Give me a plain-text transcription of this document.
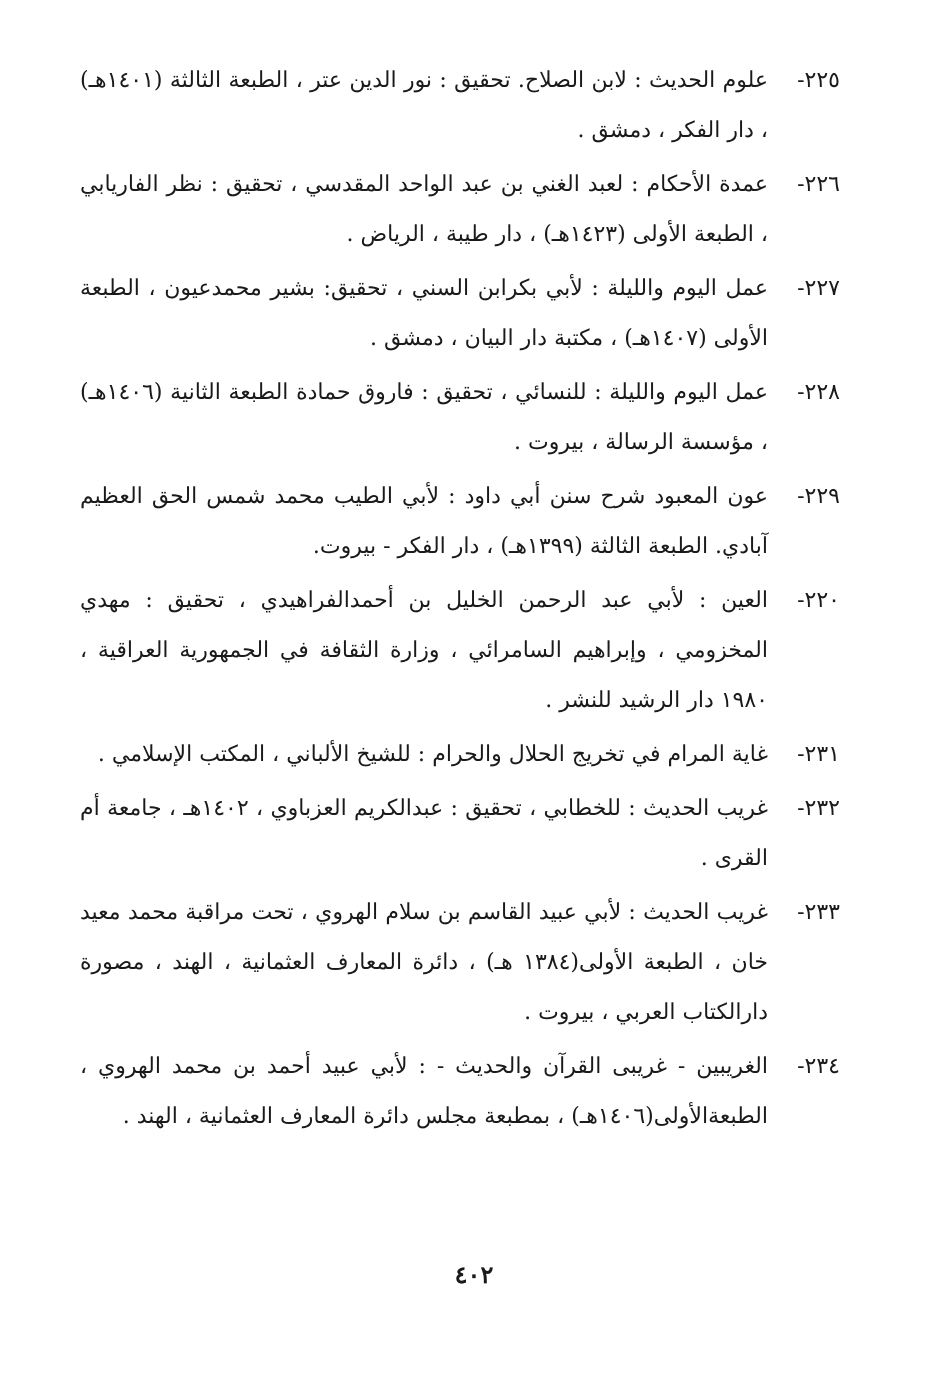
٢٢٥-
علوم الحديث : لابن الصلاح. تحقيق : نور الدين عتر ، الطبعة الثالثة (١٤٠١هـ) ، دار الفكر ، دمشق .
٢٢٦-
عمدة الأحكام : لعبد الغني بن عبد الواحد المقدسي ، تحقيق : نظر الفاريابي ، الطبعة الأولى (١٤٢٣هـ) ، دار طيبة ، الرياض .
٢٢٧-
عمل اليوم والليلة : لأبي بكرابن السني ، تحقيق: بشير محمدعيون ، الطبعة الأولى (١٤٠٧هـ) ، مكتبة دار البيان ، دمشق .
٢٢٨-
عمل اليوم والليلة : للنسائي ، تحقيق : فاروق حمادة الطبعة الثانية (١٤٠٦هـ) ، مؤسسة الرسالة ، بيروت .
٢٢٩-
عون المعبود شرح سنن أبي داود : لأبي الطيب محمد شمس الحق العظيم آبادي. الطبعة الثالثة (١٣٩٩هـ) ، دار الفكر - بيروت.
٢٢٠-
العين : لأبي عبد الرحمن الخليل بن أحمدالفراهيدي ، تحقيق : مهدي المخزومي ، وإبراهيم السامرائي ، وزارة الثقافة في الجمهورية العراقية ، ١٩٨٠ دار الرشيد للنشر .
٢٣١-
غاية المرام في تخريج الحلال والحرام : للشيخ الألباني ، المكتب الإسلامي .
٢٣٢-
غريب الحديث : للخطابي ، تحقيق : عبدالكريم العزباوي ، ١٤٠٢هـ ، جامعة أم القرى .
٢٣٣-
غريب الحديث : لأبي عبيد القاسم بن سلام الهروي ، تحت مراقبة محمد معيد خان ، الطبعة الأولى(١٣٨٤ هـ) ، دائرة المعارف العثمانية ، الهند ، مصورة دارالكتاب العربي ، بيروت .
٢٣٤-
الغريبين - غريبى القرآن والحديث - : لأبي عبيد أحمد بن محمد الهروي ، الطبعةالأولى(١٤٠٦هـ) ، بمطبعة مجلس دائرة المعارف العثمانية ، الهند .
٤٠٢
